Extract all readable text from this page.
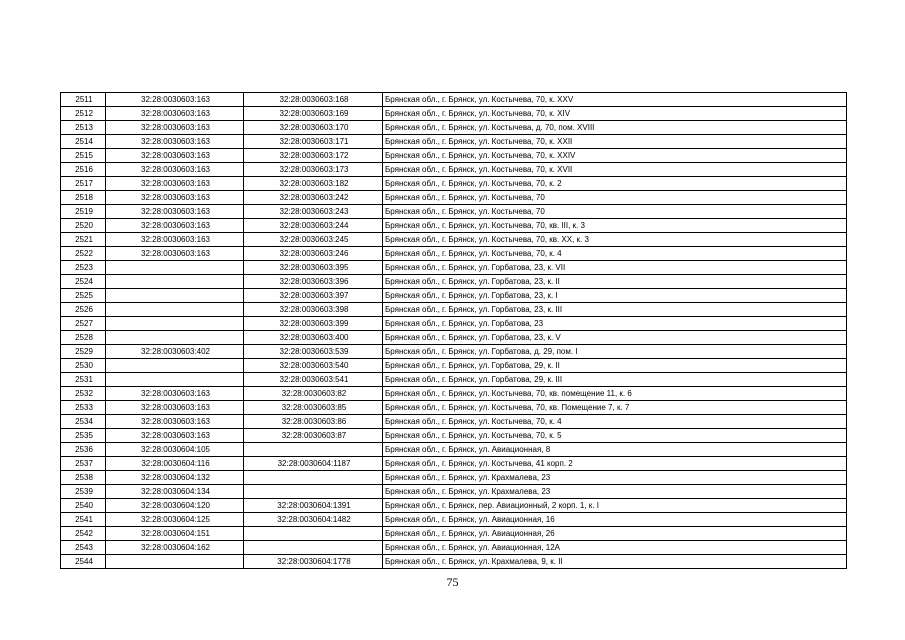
2511	32:28:0030603:163	32:28:0030603:168	Брянская обл., г. Брянск, ул. Костычева, 70, к. XXV
2512	32:28:0030603:163	32:28:0030603:169	Брянская обл., г. Брянск, ул. Костычева, 70, к. XIV
2513	32:28:0030603:163	32:28:0030603:170	Брянская обл., г. Брянск, ул. Костычева, д. 70, пом. XVIII
2514	32:28:0030603:163	32:28:0030603:171	Брянская обл., г. Брянск, ул. Костычева, 70, к. XXII
2515	32:28:0030603:163	32:28:0030603:172	Брянская обл., г. Брянск, ул. Костычева, 70, к. XXIV
2516	32:28:0030603:163	32:28:0030603:173	Брянская обл., г. Брянск, ул. Костычева, 70, к. XVII
2517	32:28:0030603:163	32:28:0030603:182	Брянская обл., г. Брянск, ул. Костычева, 70, к. 2
2518	32:28:0030603:163	32:28:0030603:242	Брянская обл., г. Брянск, ул. Костычева, 70
2519	32:28:0030603:163	32:28:0030603:243	Брянская обл., г. Брянск, ул. Костычева, 70
2520	32:28:0030603:163	32:28:0030603:244	Брянская обл., г. Брянск, ул. Костычева, 70, кв. III, к. 3
2521	32:28:0030603:163	32:28:0030603:245	Брянская обл., г. Брянск, ул. Костычева, 70, кв. XX, к. 3
2522	32:28:0030603:163	32:28:0030603:246	Брянская обл., г. Брянск, ул. Костычева, 70, к. 4
2523		32:28:0030603:395	Брянская обл., г. Брянск, ул. Горбатова, 23, к. VII
2524		32:28:0030603:396	Брянская обл., г. Брянск, ул. Горбатова, 23, к. II
2525		32:28:0030603:397	Брянская обл., г. Брянск, ул. Горбатова, 23, к. I
2526		32:28:0030603:398	Брянская обл., г. Брянск, ул. Горбатова, 23, к. III
2527		32:28:0030603:399	Брянская обл., г. Брянск, ул. Горбатова, 23
2528		32:28:0030603:400	Брянская обл., г. Брянск, ул. Горбатова, 23, к. V
2529	32:28:0030603:402	32:28:0030603:539	Брянская обл., г. Брянск, ул. Горбатова, д. 29, пом. I
2530		32:28:0030603:540	Брянская обл., г. Брянск, ул. Горбатова, 29, к. II
2531		32:28:0030603:541	Брянская обл., г. Брянск, ул. Горбатова, 29, к. III
2532	32:28:0030603:163	32:28:0030603:82	Брянская обл., г. Брянск, ул. Костычева, 70, кв. помещение 11, к. 6
2533	32:28:0030603:163	32:28:0030603:85	Брянская обл., г. Брянск, ул. Костычева, 70, кв. Помещение 7, к. 7
2534	32:28:0030603:163	32:28:0030603:86	Брянская обл., г. Брянск, ул. Костычева, 70, к. 4
2535	32:28:0030603:163	32:28:0030603:87	Брянская обл., г. Брянск, ул. Костычева, 70, к. 5
2536	32:28:0030604:105		Брянская обл., г. Брянск, ул. Авиационная, 8
2537	32:28:0030604:116	32:28:0030604:1187	Брянская обл., г. Брянск, ул. Костычева, 41 корп. 2
2538	32:28:0030604:132		Брянская обл., г. Брянск, ул. Крахмалева, 23
2539	32:28:0030604:134		Брянская обл., г. Брянск, ул. Крахмалева, 23
2540	32:28:0030604:120	32:28:0030604:1391	Брянская обл., г. Брянск, пер. Авиационный, 2 корп. 1, к. I
2541	32:28:0030604:125	32:28:0030604:1482	Брянская обл., г. Брянск, ул. Авиационная, 16
2542	32:28:0030604:151		Брянская обл., г. Брянск, ул. Авиационная, 26
2543	32:28:0030604:162		Брянская обл., г. Брянск, ул. Авиационная, 12А
2544		32:28:0030604:1778	Брянская обл., г. Брянск, ул. Крахмалева, 9, к. II
75
